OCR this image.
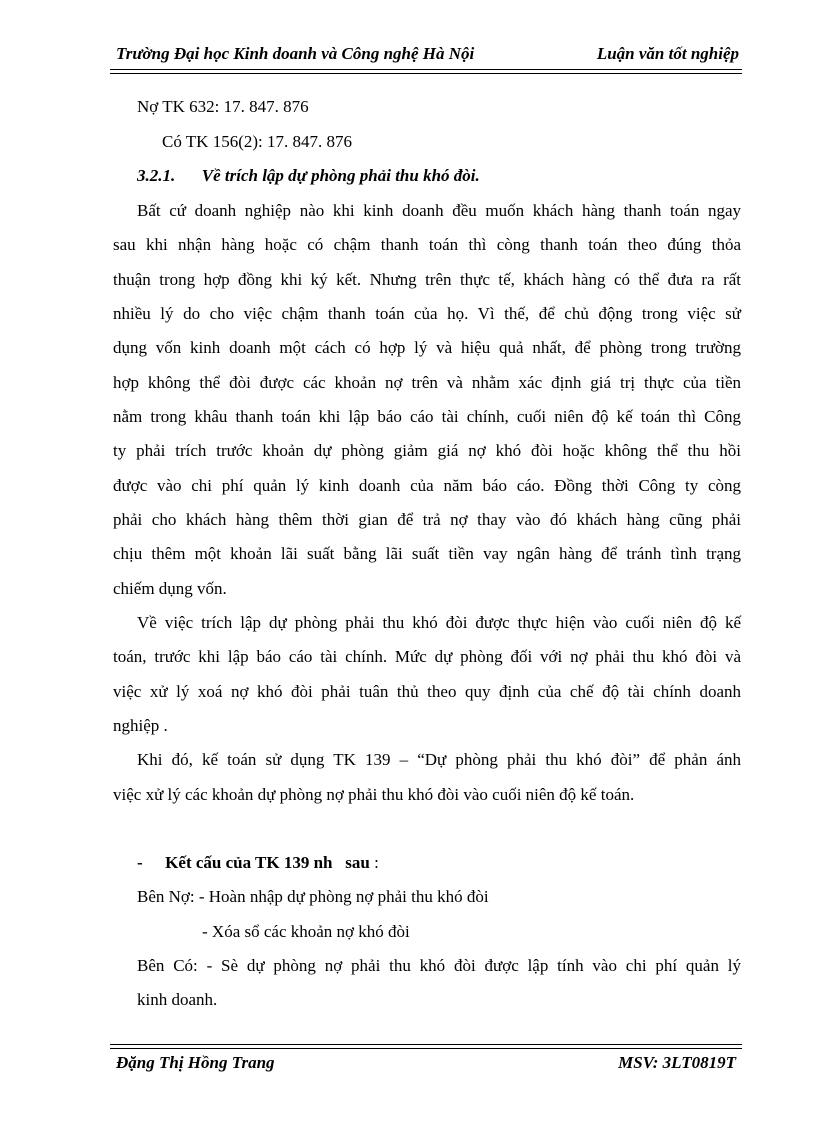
Trường Đại học Kinh doanh và Công nghệ Hà Nội	Luận văn tốt nghiệp
Nợ TK 632: 17. 847. 876
Có TK 156(2): 17. 847. 876
3.2.1. Về trích lập dự phòng phải thu khó đòi.
Bất cứ doanh nghiệp nào khi kinh doanh đều muốn khách hàng thanh toán ngay
sau khi nhận hàng hoặc có chậm thanh toán thì còng thanh toán theo đúng thỏa
thuận trong hợp đồng khi ký kết. Nhưng trên thực tế, khách hàng có thể đưa ra rất
nhiều lý do cho việc chậm thanh toán của họ. Vì thế, để chủ động trong việc sử
dụng vốn kinh doanh một cách có hợp lý và hiệu quả nhất, để phòng trong trường
hợp không thể đòi được các khoản nợ trên và nhằm xác định giá trị thực của tiền
nằm trong khâu thanh toán khi lập báo cáo tài chính, cuối niên độ kế toán thì Công
ty phải trích trước khoản dự phòng giảm giá nợ khó đòi hoặc không thể thu hồi
được vào chi phí quản lý kinh doanh của năm báo cáo. Đồng thời Công ty còng
phải cho khách hàng thêm thời gian để trả nợ thay vào đó khách hàng cũng phải
chịu thêm một khoản lãi suất bằng lãi suất tiền vay ngân hàng để tránh tình trạng
chiếm dụng vốn.
Về việc trích lập dự phòng phải thu khó đòi được thực hiện vào cuối niên độ kế
toán, trước khi lập báo cáo tài chính. Mức dự phòng đối với nợ phải thu khó đòi và
việc xử lý xoá nợ khó đòi phải tuân thủ theo quy định của chế độ tài chính doanh
nghiệp .
Khi đó, kế toán sử dụng TK 139 – “Dự phòng phải thu khó đòi” để phản ánh
việc xử lý các khoản dự phòng nợ phải thu khó đòi vào cuối niên độ kế toán.
- Kết cấu của TK 139 nh   sau :
Bên Nợ: - Hoàn nhập dự phòng nợ phải thu khó đòi
- Xóa sổ các khoản nợ khó đòi
Bên Có: - Sè dự phòng nợ phải thu khó đòi được lập tính vào chi phí quản lý
kinh doanh.
Đặng Thị Hồng Trang	MSV: 3LT0819T
